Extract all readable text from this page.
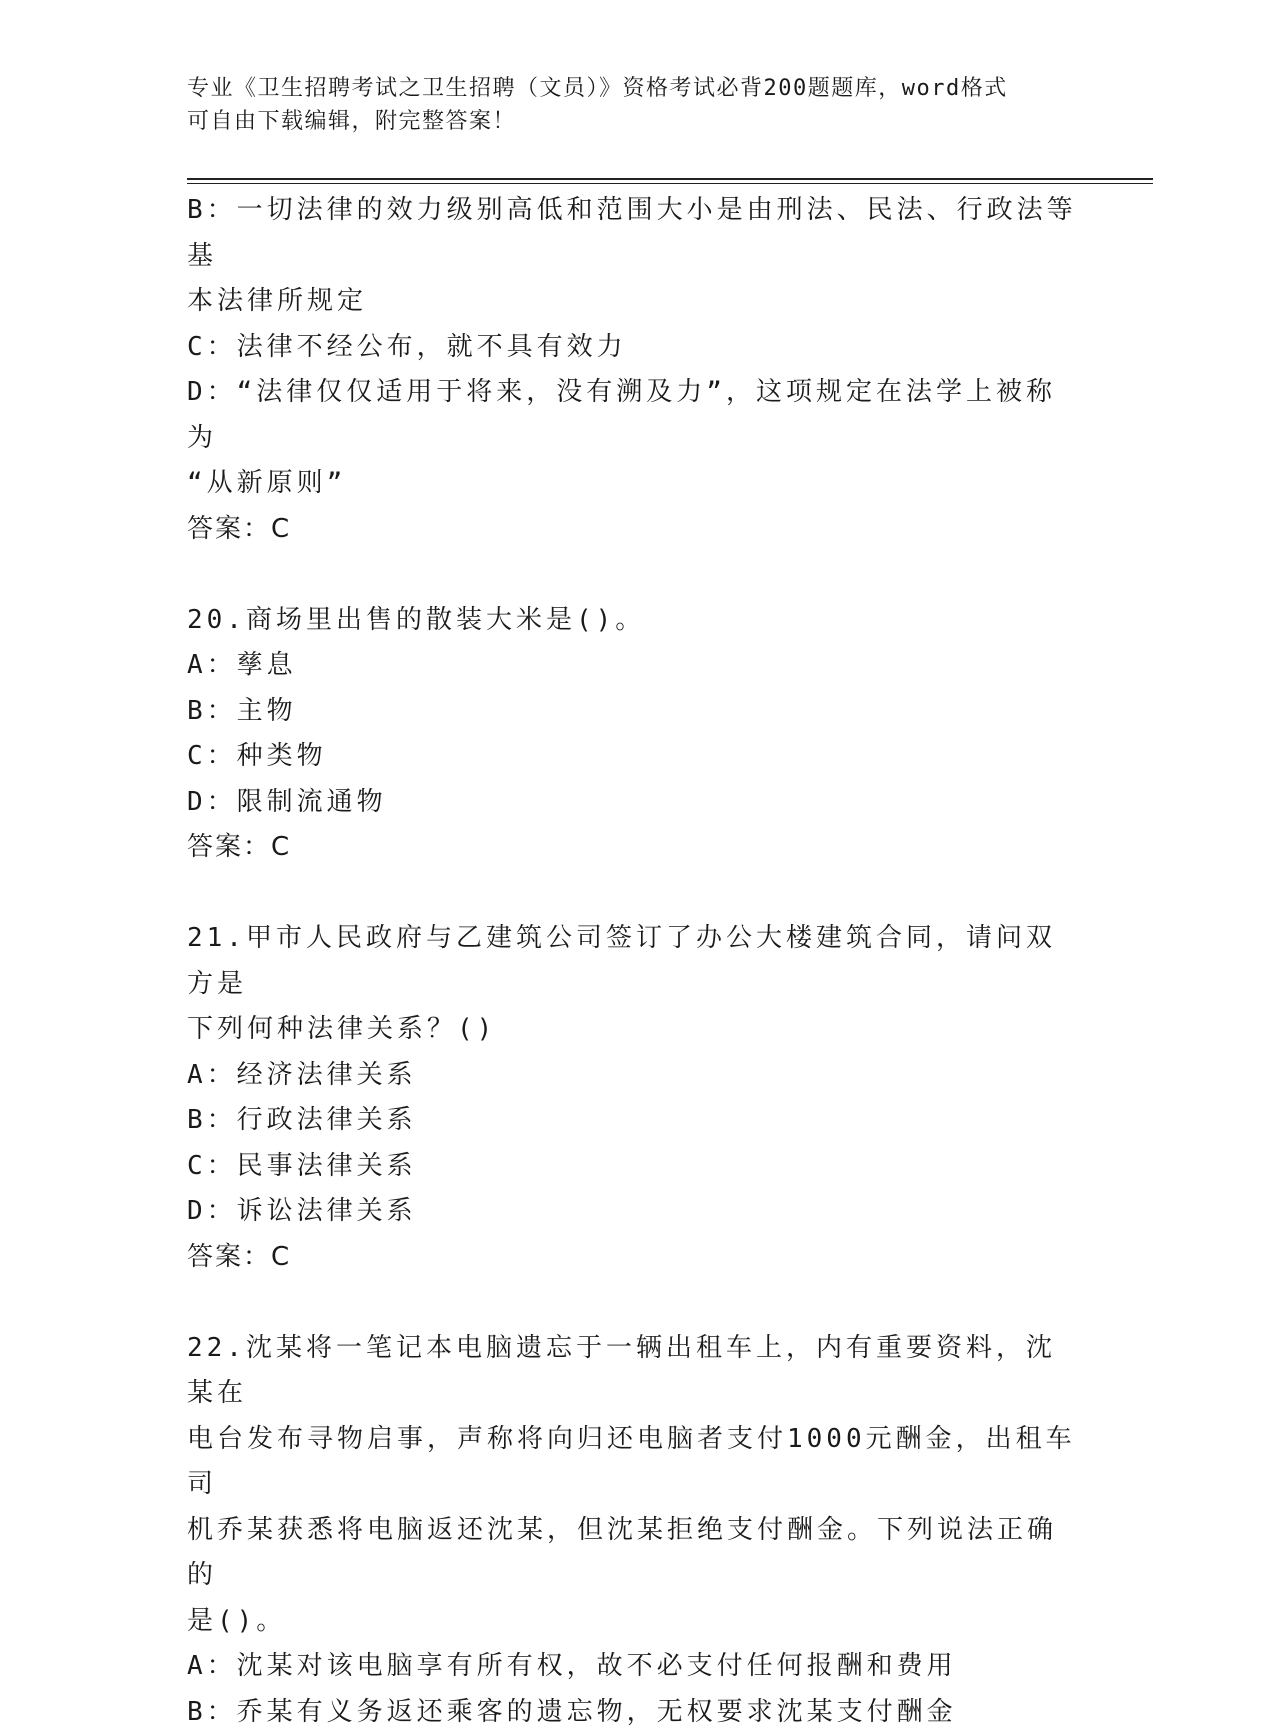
专业《卫生招聘考试之卫生招聘（文员）》资格考试必背200题题库，word格式
可自由下载编辑，附完整答案！
B：一切法律的效力级别高低和范围大小是由刑法、民法、行政法等基
本法律所规定
C：法律不经公布，就不具有效力
D：“法律仅仅适用于将来，没有溯及力”，这项规定在法学上被称为
“从新原则”
答案：C
20.商场里出售的散装大米是()。
A：孳息
B：主物
C：种类物
D：限制流通物
答案：C
21.甲市人民政府与乙建筑公司签订了办公大楼建筑合同，请问双方是
下列何种法律关系？()
A：经济法律关系
B：行政法律关系
C：民事法律关系
D：诉讼法律关系
答案：C
22.沈某将一笔记本电脑遗忘于一辆出租车上，内有重要资料，沈某在
电台发布寻物启事，声称将向归还电脑者支付1000元酬金，出租车司
机乔某获悉将电脑返还沈某，但沈某拒绝支付酬金。下列说法正确的
是()。
A：沈某对该电脑享有所有权，故不必支付任何报酬和费用
B：乔某有义务返还乘客的遗忘物，无权要求沈某支付酬金
